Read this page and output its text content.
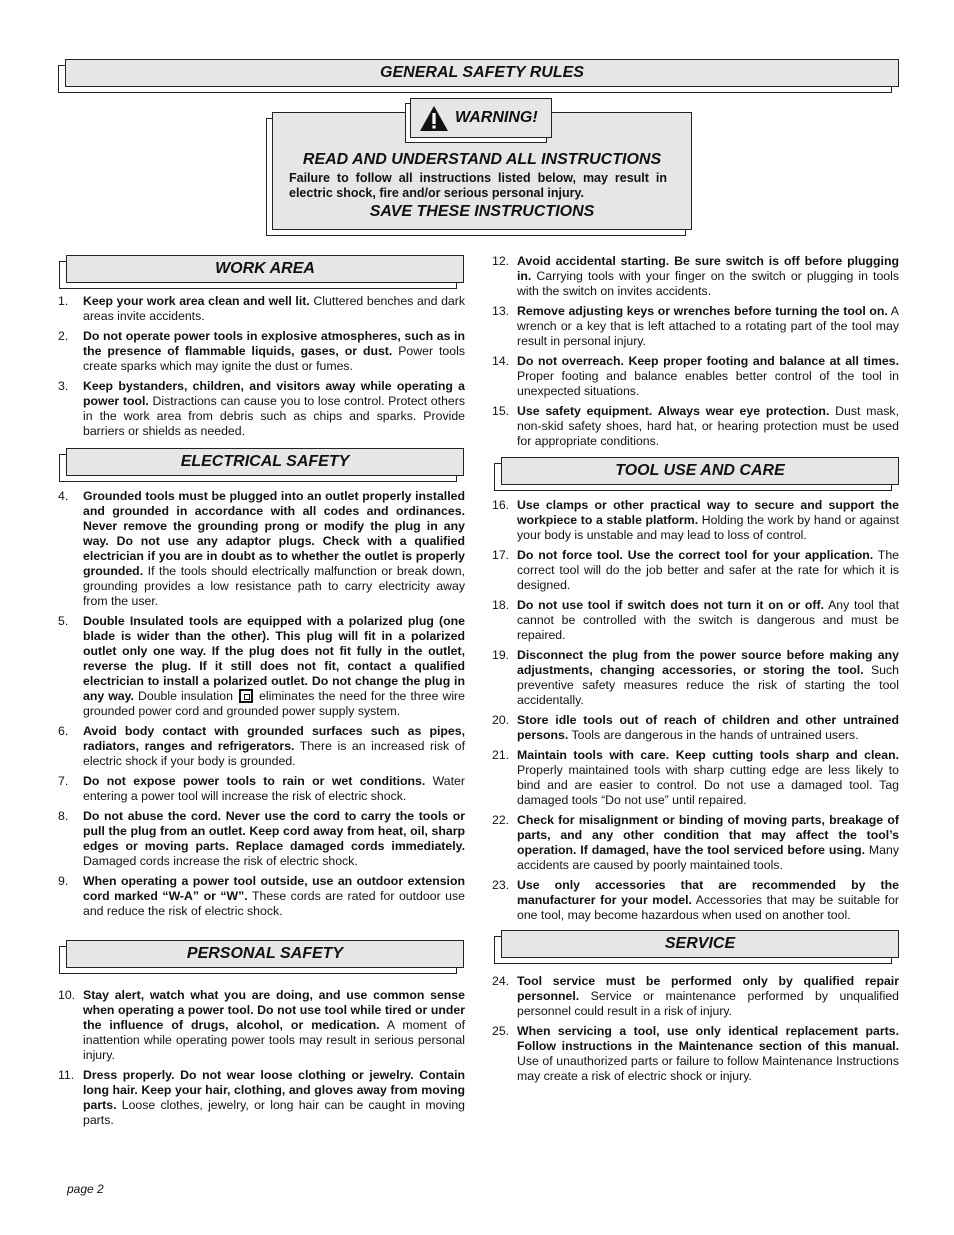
GENERAL SAFETY RULES
READ AND UNDERSTAND ALL INSTRUCTIONS
Failure to follow all instructions listed below, may result in electric shock, fire and/or serious personal injury.
SAVE THESE INSTRUCTIONS
WARNING!
WORK AREA
1. Keep your work area clean and well lit. Cluttered benches and dark areas invite accidents.
2. Do not operate power tools in explosive atmospheres, such as in the presence of flammable liquids, gases, or dust. Power tools create sparks which may ignite the dust or fumes.
3. Keep bystanders, children, and visitors away while operating a power tool. Distractions can cause you to lose control. Protect others in the work area from debris such as chips and sparks. Provide barriers or shields as needed.
ELECTRICAL SAFETY
4. Grounded tools must be plugged into an outlet properly installed and grounded in accordance with all codes and ordinances. Never remove the grounding prong or modify the plug in any way. Do not use any adaptor plugs. Check with a qualified electrician if you are in doubt as to whether the outlet is properly grounded. If the tools should electrically malfunction or break down, grounding provides a low resistance path to carry electricity away from the user.
5. Double Insulated tools are equipped with a polarized plug (one blade is wider than the other). This plug will fit in a polarized outlet only one way. If the plug does not fit fully in the outlet, reverse the plug. If it still does not fit, contact a qualified electrician to install a polarized outlet. Do not change the plug in any way. Double insulation  eliminates the need for the three wire grounded power cord and grounded power supply system.
6. Avoid body contact with grounded surfaces such as pipes, radiators, ranges and refrigerators. There is an increased risk of electric shock if your body is grounded.
7. Do not expose power tools to rain or wet conditions. Water entering a power tool will increase the risk of electric shock.
8. Do not abuse the cord. Never use the cord to carry the tools or pull the plug from an outlet. Keep cord away from heat, oil, sharp edges or moving parts. Replace damaged cords immediately. Damaged cords increase the risk of electric shock.
9. When operating a power tool outside, use an outdoor extension cord marked “W-A” or “W”. These cords are rated for outdoor use and reduce the risk of electric shock.
PERSONAL SAFETY
10. Stay alert, watch what you are doing, and use common sense when operating a power tool. Do not use tool while tired or under the influence of drugs, alcohol, or medication. A moment of inattention while operating power tools may result in serious personal injury.
11. Dress properly. Do not wear loose clothing or jewelry. Contain long hair. Keep your hair, clothing, and gloves away from moving parts. Loose clothes, jewelry, or long hair can be caught in moving parts.
12. Avoid accidental starting. Be sure switch is off before plugging in. Carrying tools with your finger on the switch or plugging in tools with the switch on invites accidents.
13. Remove adjusting keys or wrenches before turning the tool on. A wrench or a key that is left attached to a rotating part of the tool may result in personal injury.
14. Do not overreach. Keep proper footing and balance at all times. Proper footing and balance enables better control of the tool in unexpected situations.
15. Use safety equipment. Always wear eye protection. Dust mask, non-skid safety shoes, hard hat, or hearing protection must be used for appropriate conditions.
TOOL USE AND CARE
16. Use clamps or other practical way to secure and support the workpiece to a stable platform. Holding the work by hand or against your body is unstable and may lead to loss of control.
17. Do not force tool. Use the correct tool for your application. The correct tool will do the job better and safer at the rate for which it is designed.
18. Do not use tool if switch does not turn it on or off. Any tool that cannot be controlled with the switch is dangerous and must be repaired.
19. Disconnect the plug from the power source before making any adjustments, changing accessories, or storing the tool. Such preventive safety measures reduce the risk of starting the tool accidentally.
20. Store idle tools out of reach of children and other untrained persons. Tools are dangerous in the hands of untrained users.
21. Maintain tools with care. Keep cutting tools sharp and clean. Properly maintained tools with sharp cutting edge are less likely to bind and are easier to control. Do not use a damaged tool. Tag damaged tools “Do not use” until repaired.
22. Check for misalignment or binding of moving parts, breakage of parts, and any other condition that may affect the tool’s operation. If damaged, have the tool serviced before using. Many accidents are caused by poorly maintained tools.
23. Use only accessories that are recommended by the manufacturer for your model. Accessories that may be suitable for one tool, may become hazardous when used on another tool.
SERVICE
24. Tool service must be performed only by qualified repair personnel. Service or maintenance performed by unqualified personnel could result in a risk of injury.
25. When servicing a tool, use only identical replacement parts. Follow instructions in the Maintenance section of this manual. Use of unauthorized parts or failure to follow Maintenance Instructions may create a risk of electric shock or injury.
page 2
